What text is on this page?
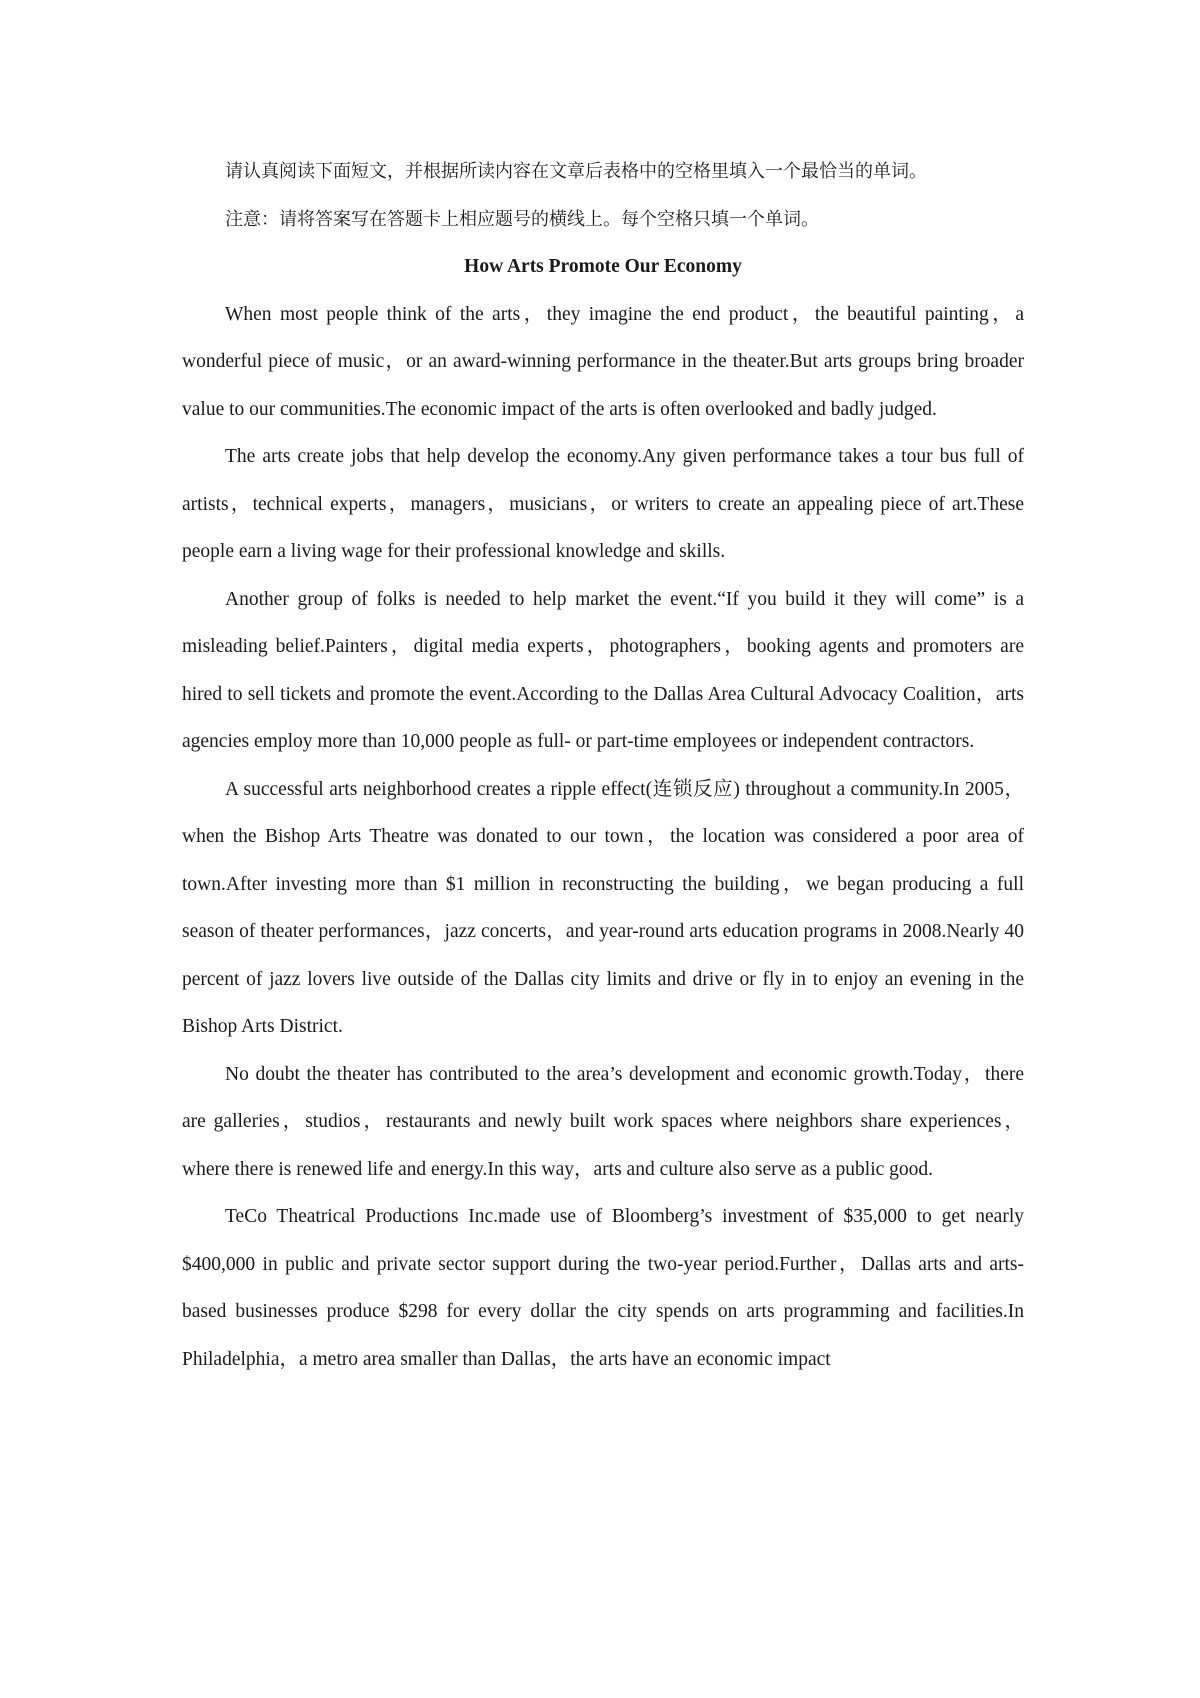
请认真阅读下面短文，并根据所读内容在文章后表格中的空格里填入一个最恰当的单词。

注意：请将答案写在答题卡上相应题号的横线上。每个空格只填一个单词。

How Arts Promote Our Economy

When most people think of the arts，they imagine the end product，the beautiful painting，a wonderful piece of music，or an award-winning performance in the theater.But arts groups bring broader value to our communities.The economic impact of the arts is often overlooked and badly judged.

The arts create jobs that help develop the economy.Any given performance takes a tour bus full of artists，technical experts，managers，musicians，or writers to create an appealing piece of art.These people earn a living wage for their professional knowledge and skills.

Another group of folks is needed to help market the event.“If you build it they will come” is a misleading belief.Painters，digital media experts，photographers，booking agents and promoters are hired to sell tickets and promote the event.According to the Dallas Area Cultural Advocacy Coalition，arts agencies employ more than 10,000 people as full- or part-time employees or independent contractors.

A successful arts neighborhood creates a ripple effect(连锁反应) throughout a community.In 2005，when the Bishop Arts Theatre was donated to our town，the location was considered a poor area of town.After investing more than $1 million in reconstructing the building，we began producing a full season of theater performances，jazz concerts，and year-round arts education programs in 2008.Nearly 40 percent of jazz lovers live outside of the Dallas city limits and drive or fly in to enjoy an evening in the Bishop Arts District.

No doubt the theater has contributed to the area’s development and economic growth.Today，there are galleries，studios，restaurants and newly built work spaces where neighbors share experiences，where there is renewed life and energy.In this way，arts and culture also serve as a public good.

TeCo Theatrical Productions Inc.made use of Bloomberg’s investment of $35,000 to get nearly $400,000 in public and private sector support during the two-year period.Further，Dallas arts and arts-based businesses produce $298 for every dollar the city spends on arts programming and facilities.In Philadelphia，a metro area smaller than Dallas，the arts have an economic impact
